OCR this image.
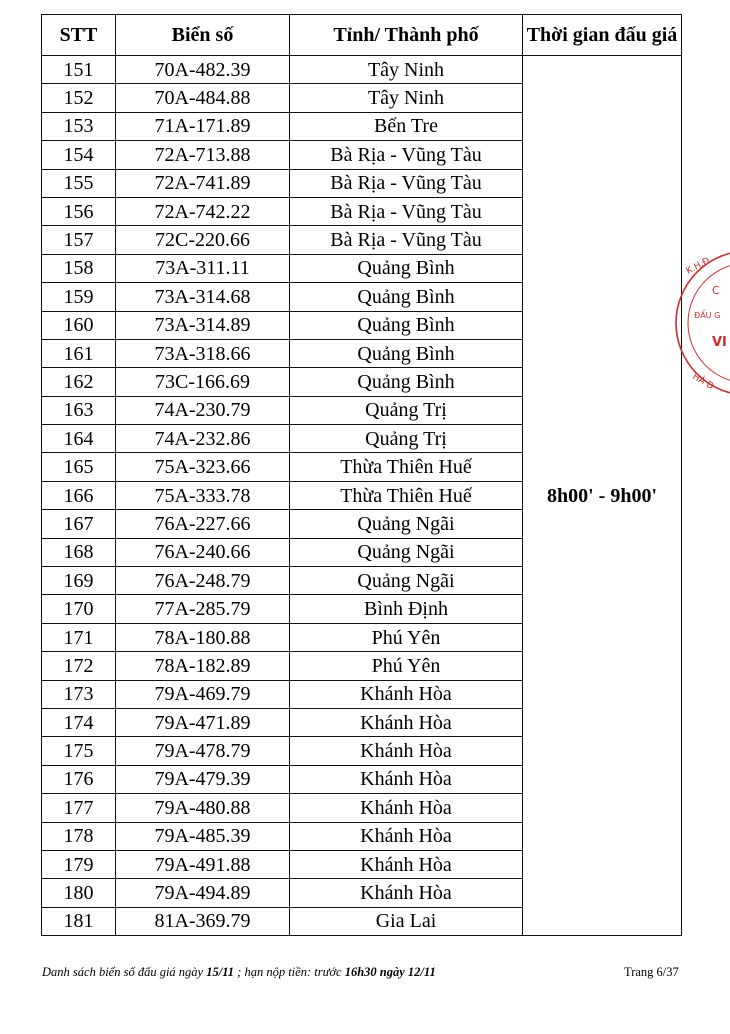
STT	Biển số	Tỉnh/ Thành phố	Thời gian đấu giá
151	70A-482.39	Tây Ninh	8h00' - 9h00'
152	70A-484.88	Tây Ninh	
153	71A-171.89	Bến Tre	
154	72A-713.88	Bà Rịa - Vũng Tàu	
155	72A-741.89	Bà Rịa - Vũng Tàu	
156	72A-742.22	Bà Rịa - Vũng Tàu	
157	72C-220.66	Bà Rịa - Vũng Tàu	
158	73A-311.11	Quảng Bình	
159	73A-314.68	Quảng Bình	
160	73A-314.89	Quảng Bình	
161	73A-318.66	Quảng Bình	
162	73C-166.69	Quảng Bình	
163	74A-230.79	Quảng Trị	
164	74A-232.86	Quảng Trị	
165	75A-323.66	Thừa Thiên Huế	
166	75A-333.78	Thừa Thiên Huế	
167	76A-227.66	Quảng Ngãi	
168	76A-240.66	Quảng Ngãi	
169	76A-248.79	Quảng Ngãi	
170	77A-285.79	Bình Định	
171	78A-180.88	Phú Yên	
172	78A-182.89	Phú Yên	
173	79A-469.79	Khánh Hòa	
174	79A-471.89	Khánh Hòa	
175	79A-478.79	Khánh Hòa	
176	79A-479.39	Khánh Hòa	
177	79A-480.88	Khánh Hòa	
178	79A-485.39	Khánh Hòa	
179	79A-491.88	Khánh Hòa	
180	79A-494.89	Khánh Hòa	
181	81A-369.79	Gia Lai	
Danh sách biển số đấu giá ngày 15/11 ; hạn nộp tiền: trước 16h30 ngày 12/11	Trang 6/37
K.H.Đ
C
ĐẤU G
VI
HÀ Đ
